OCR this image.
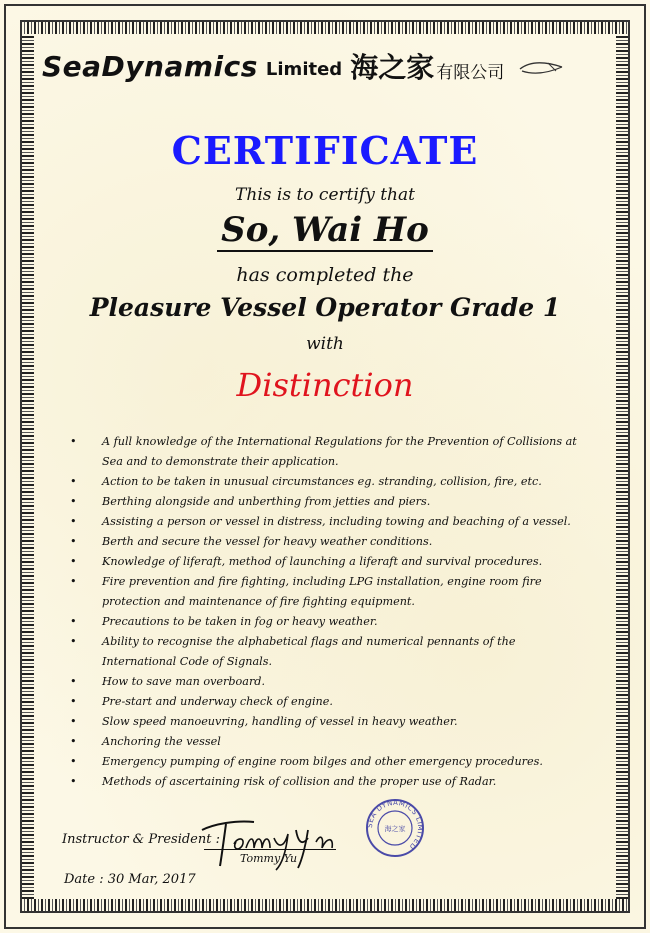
SeaDynamics Limited 海之家 有限公司
CERTIFICATE
This is to certify that
So, Wai Ho
has completed the
Pleasure Vessel Operator Grade 1
with
Distinction
• A full knowledge of the International Regulations for the Prevention of Collisions at Sea and to demonstrate their application.
• Action to be taken in unusual circumstances eg. stranding, collision, fire, etc.
• Berthing alongside and unberthing from jetties and piers.
• Assisting a person or vessel in distress, including towing and beaching of a vessel.
• Berth and secure the vessel for heavy weather conditions.
• Knowledge of liferaft, method of launching a liferaft and survival procedures.
• Fire prevention and fire fighting, including LPG installation, engine room fire protection and maintenance of fire fighting equipment.
• Precautions to be taken in fog or heavy weather.
• Ability to recognise the alphabetical flags and numerical pennants of the International Code of Signals.
• How to save man overboard.
• Pre-start and underway check of engine.
• Slow speed manoeuvring, handling of vessel in heavy weather.
• Anchoring the vessel
• Emergency pumping of engine room bilges and other emergency procedures.
• Methods of ascertaining risk of collision and the proper use of Radar.
Instructor & President :
Tommy Yu
Date : 30 Mar, 2017
SEA DYNAMICS LIMITED
海之家
